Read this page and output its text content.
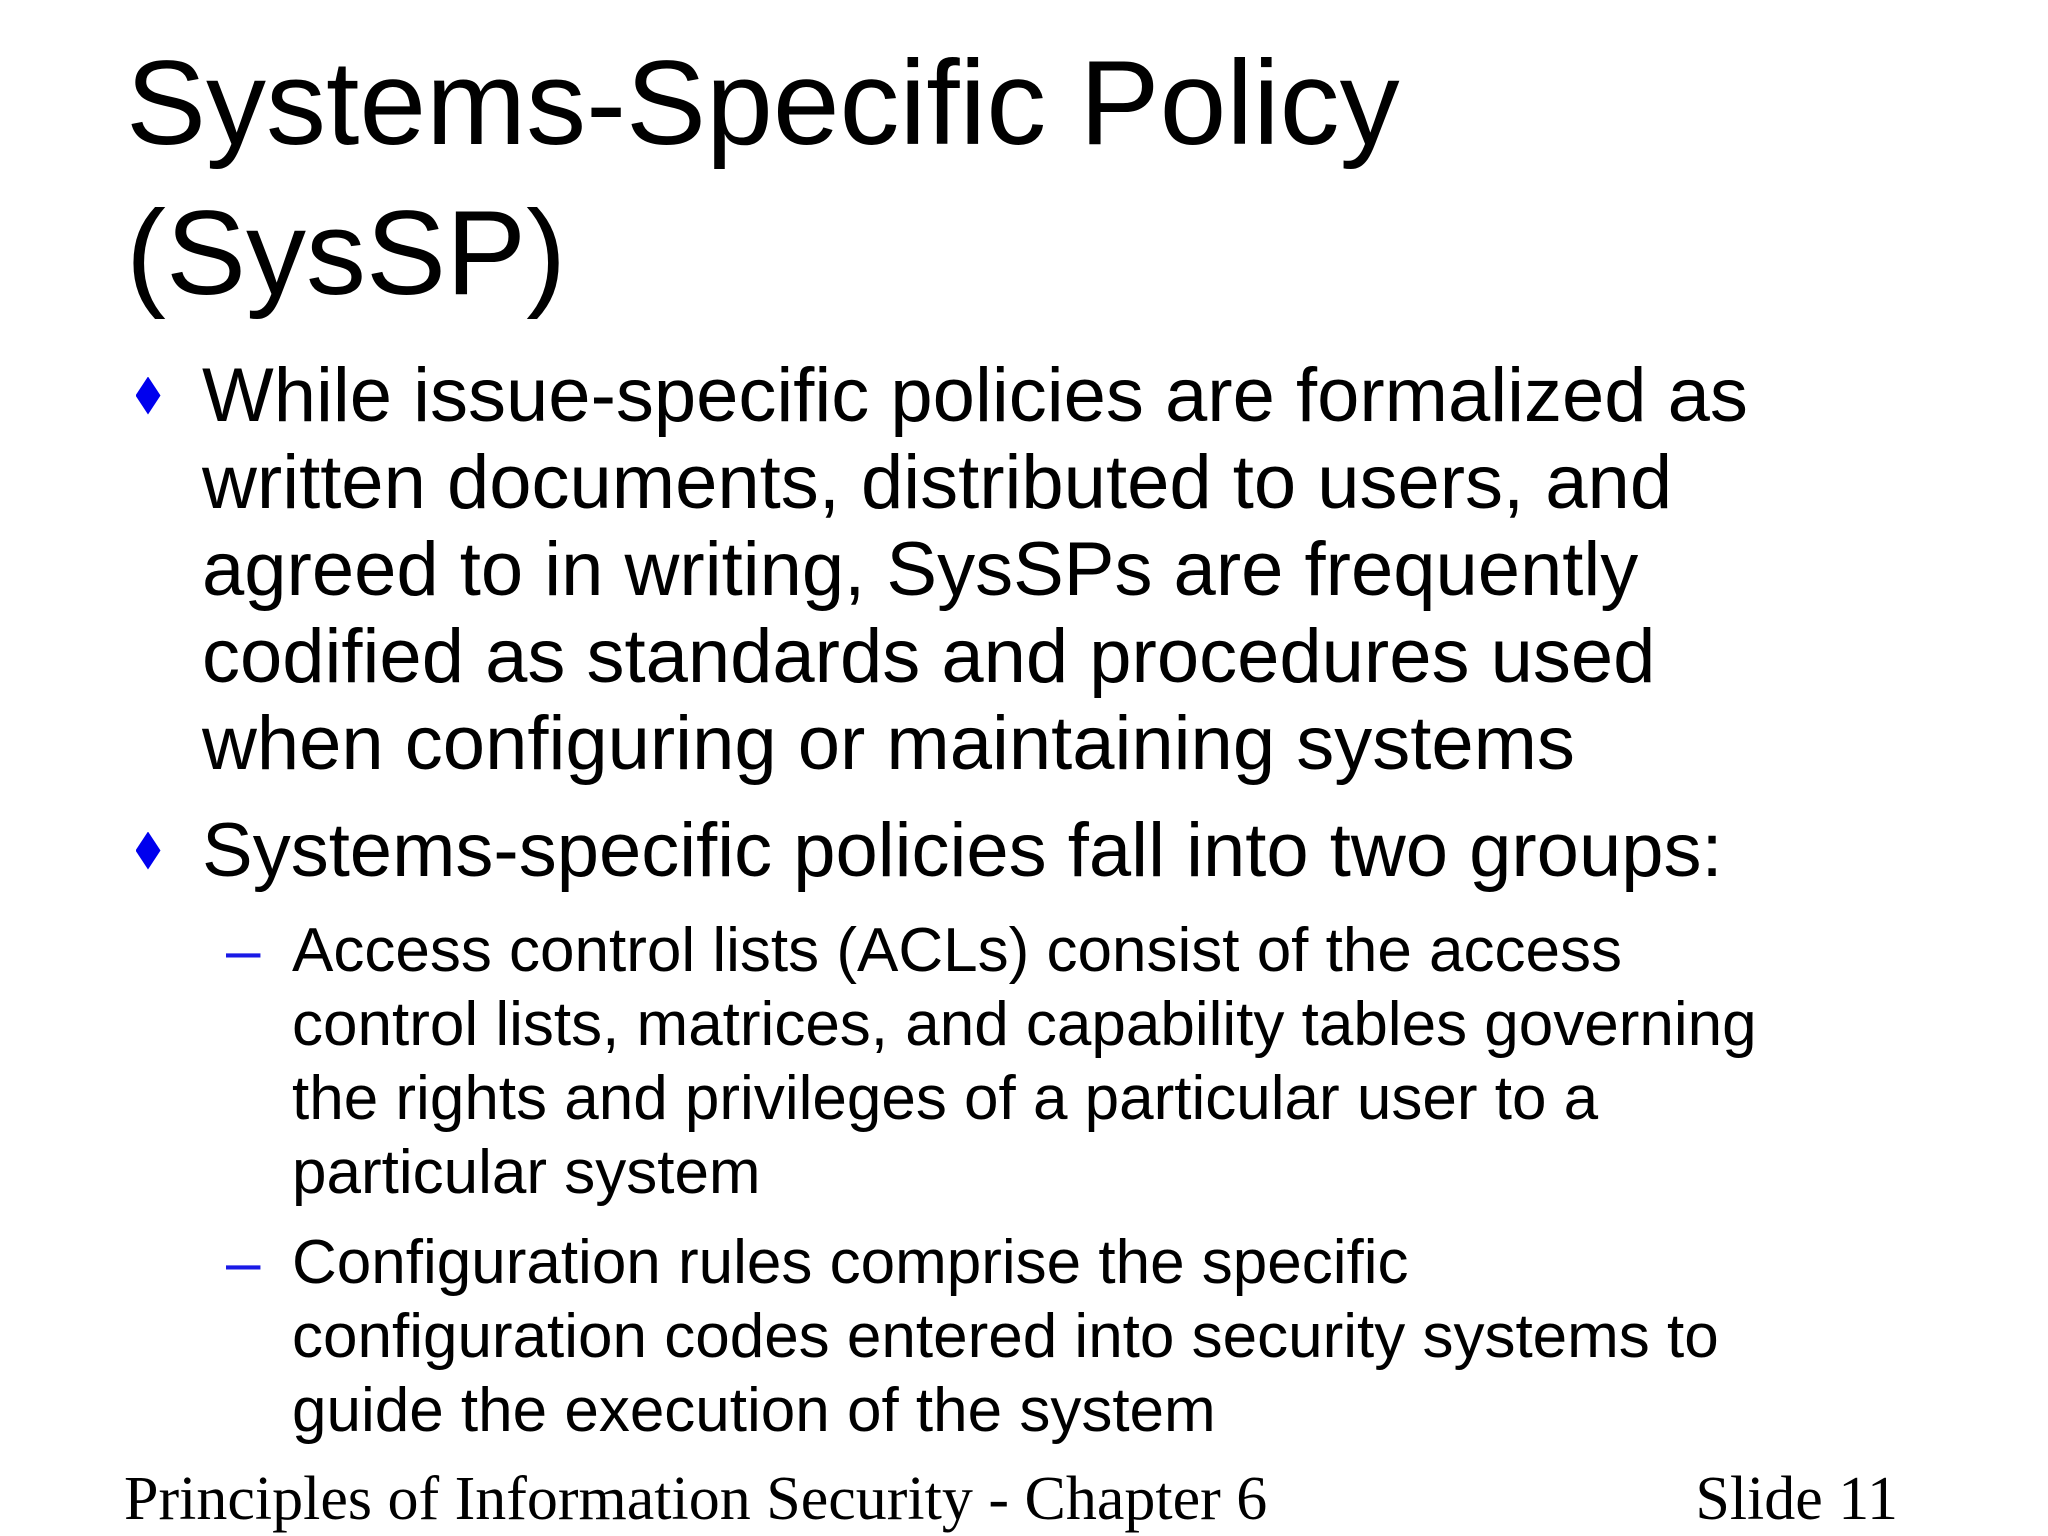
Systems-Specific Policy
(SysSP)
While issue-specific policies are formalized as
written documents, distributed to users, and
agreed to in writing, SysSPs are frequently
codified as standards and procedures used
when configuring or maintaining systems
Systems-specific policies fall into two groups:
– Access control lists (ACLs) consist of the access
control lists, matrices, and capability tables governing
the rights and privileges of a particular user to a
particular system
– Configuration rules comprise the specific
configuration codes entered into security systems to
guide the execution of the system
Principles of Information Security - Chapter 6	Slide 11
